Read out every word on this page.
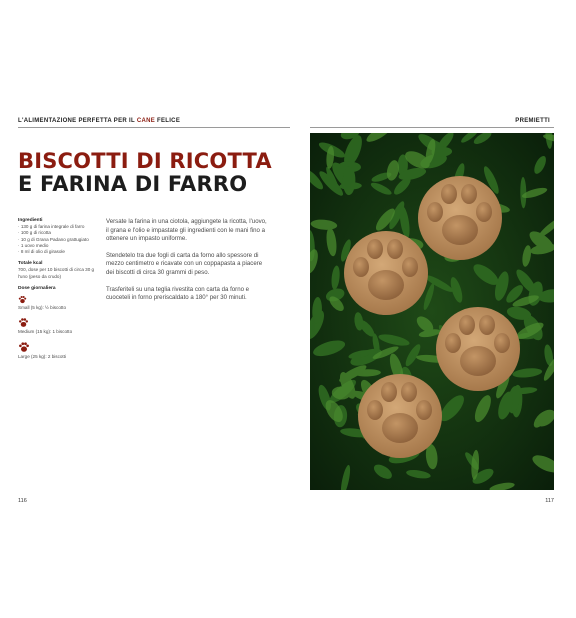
L'ALIMENTAZIONE PERFETTA PER IL CANE FELICE	PREMIETTI
BISCOTTI DI RICOTTA
E FARINA DI FARRO
Ingredienti
· 130 g di farina integrale di farro
· 100 g di ricotta
· 10 g di Grana Padano grattugiato
· 1 uovo medio
· 8 ml di olio di girasole
Totale kcal
700, dose per 10 biscotti di circa 30 g l'uno (peso da crudo)
Dose giornaliera
Small (5 kg): ½ biscotto
Medium (15 kg): 1 biscotto
Large (25 kg): 2 biscotti

Versate la farina in una ciotola, aggiungete la ricotta, l'uovo, il grana e l'olio e impastate gli ingredienti con le mani fino a ottenere un impasto uniforme.

Stendetelo tra due fogli di carta da forno allo spessore di mezzo centimetro e ricavate con un coppapasta a piacere dei biscotti di circa 30 grammi di peso.

Trasferiteli su una teglia rivestita con carta da forno e cuoceteli in forno preriscaldato a 180° per 30 minuti.

116	117
